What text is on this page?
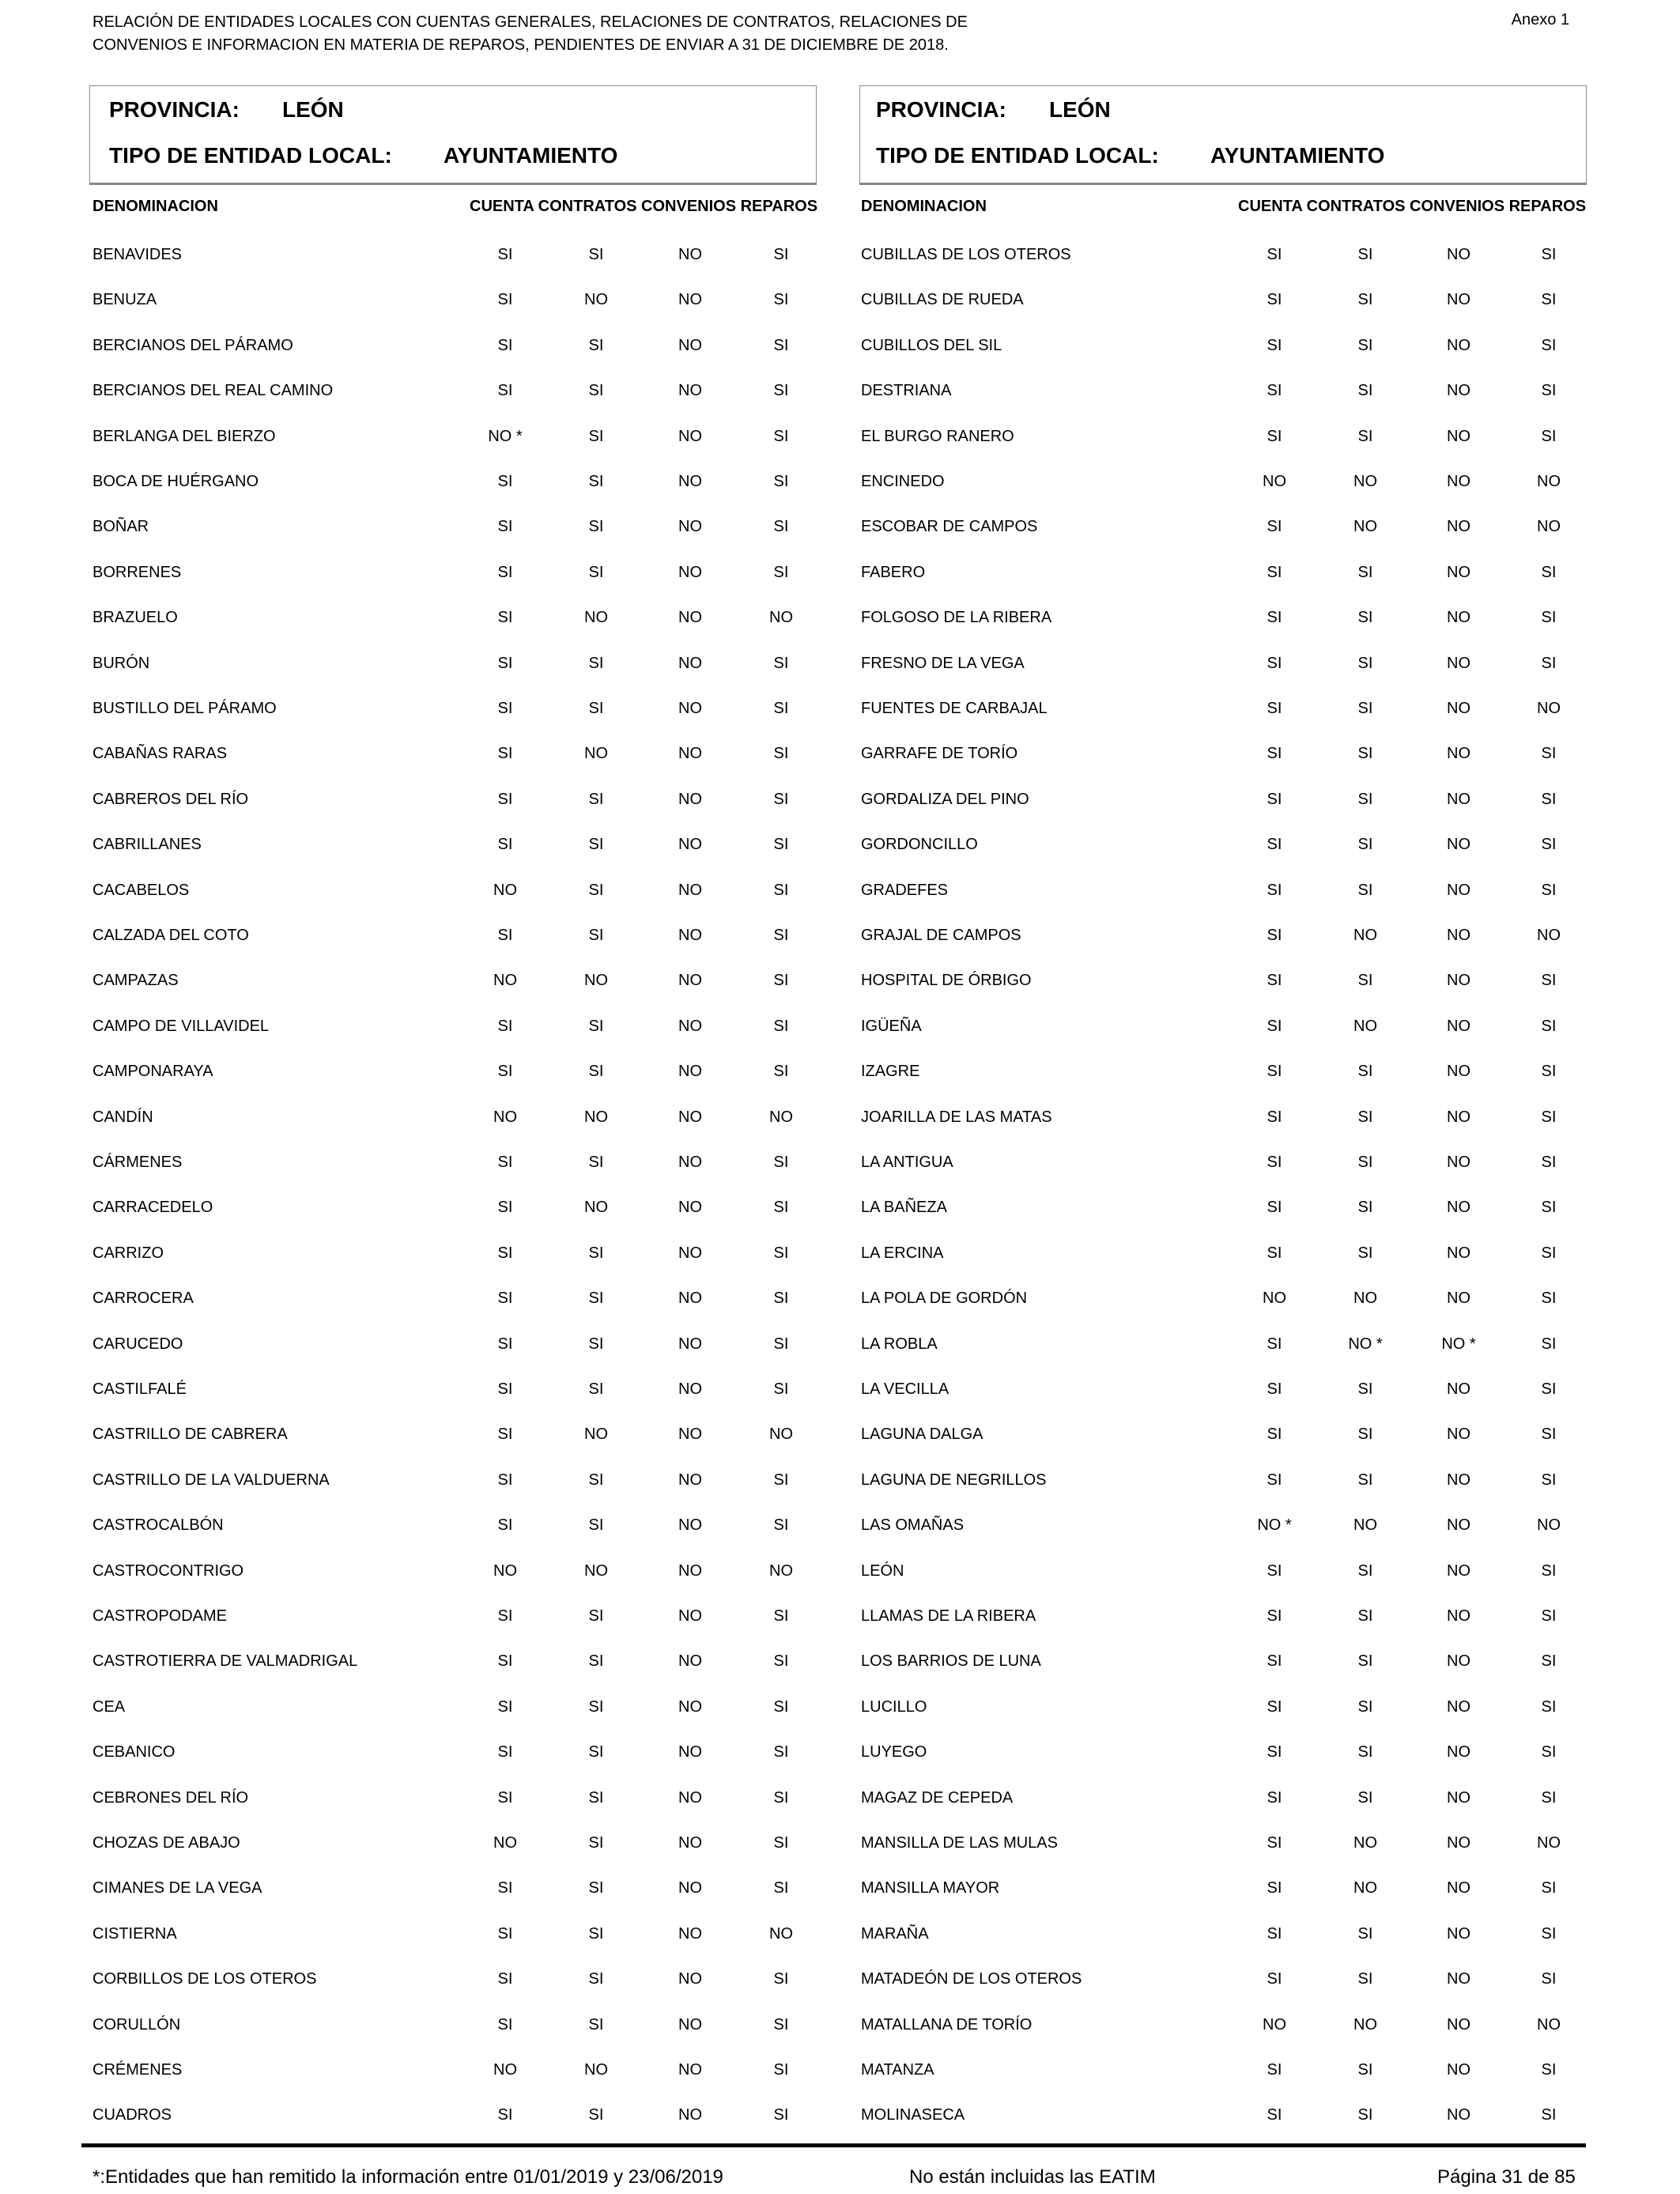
RELACIÓN DE ENTIDADES LOCALES CON CUENTAS GENERALES, RELACIONES DE CONTRATOS, RELACIONES DE
CONVENIOS E INFORMACION EN MATERIA DE REPAROS, PENDIENTES DE ENVIAR A 31 DE DICIEMBRE DE 2018.
Anexo 1
PROVINCIA: LEÓN
TIPO DE ENTIDAD LOCAL: AYUNTAMIENTO
PROVINCIA: LEÓN
TIPO DE ENTIDAD LOCAL: AYUNTAMIENTO
DENOMINACION	CUENTA CONTRATOS CONVENIOS REPAROS	DENOMINACION	CUENTA CONTRATOS CONVENIOS REPAROS
BENAVIDES	SI	SI	NO	SI
BENUZA	SI	NO	NO	SI
BERCIANOS DEL PÁRAMO	SI	SI	NO	SI
BERCIANOS DEL REAL CAMINO	SI	SI	NO	SI
BERLANGA DEL BIERZO	NO *	SI	NO	SI
BOCA DE HUÉRGANO	SI	SI	NO	SI
BOÑAR	SI	SI	NO	SI
BORRENES	SI	SI	NO	SI
BRAZUELO	SI	NO	NO	NO
BURÓN	SI	SI	NO	SI
BUSTILLO DEL PÁRAMO	SI	SI	NO	SI
CABAÑAS RARAS	SI	NO	NO	SI
CABREROS DEL RÍO	SI	SI	NO	SI
CABRILLANES	SI	SI	NO	SI
CACABELOS	NO	SI	NO	SI
CALZADA DEL COTO	SI	SI	NO	SI
CAMPAZAS	NO	NO	NO	SI
CAMPO DE VILLAVIDEL	SI	SI	NO	SI
CAMPONARAYA	SI	SI	NO	SI
CANDÍN	NO	NO	NO	NO
CÁRMENES	SI	SI	NO	SI
CARRACEDELO	SI	NO	NO	SI
CARRIZO	SI	SI	NO	SI
CARROCERA	SI	SI	NO	SI
CARUCEDO	SI	SI	NO	SI
CASTILFALÉ	SI	SI	NO	SI
CASTRILLO DE CABRERA	SI	NO	NO	NO
CASTRILLO DE LA VALDUERNA	SI	SI	NO	SI
CASTROCALBÓN	SI	SI	NO	SI
CASTROCONTRIGO	NO	NO	NO	NO
CASTROPODAME	SI	SI	NO	SI
CASTROTIERRA DE VALMADRIGAL	SI	SI	NO	SI
CEA	SI	SI	NO	SI
CEBANICO	SI	SI	NO	SI
CEBRONES DEL RÍO	SI	SI	NO	SI
CHOZAS DE ABAJO	NO	SI	NO	SI
CIMANES DE LA VEGA	SI	SI	NO	SI
CISTIERNA	SI	SI	NO	NO
CORBILLOS DE LOS OTEROS	SI	SI	NO	SI
CORULLÓN	SI	SI	NO	SI
CRÉMENES	NO	NO	NO	SI
CUADROS	SI	SI	NO	SI
CUBILLAS DE LOS OTEROS	SI	SI	NO	SI
CUBILLAS DE RUEDA	SI	SI	NO	SI
CUBILLOS DEL SIL	SI	SI	NO	SI
DESTRIANA	SI	SI	NO	SI
EL BURGO RANERO	SI	SI	NO	SI
ENCINEDO	NO	NO	NO	NO
ESCOBAR DE CAMPOS	SI	NO	NO	NO
FABERO	SI	SI	NO	SI
FOLGOSO DE LA RIBERA	SI	SI	NO	SI
FRESNO DE LA VEGA	SI	SI	NO	SI
FUENTES DE CARBAJAL	SI	SI	NO	NO
GARRAFE DE TORÍO	SI	SI	NO	SI
GORDALIZA DEL PINO	SI	SI	NO	SI
GORDONCILLO	SI	SI	NO	SI
GRADEFES	SI	SI	NO	SI
GRAJAL DE CAMPOS	SI	NO	NO	NO
HOSPITAL DE ÓRBIGO	SI	SI	NO	SI
IGÜEÑA	SI	NO	NO	SI
IZAGRE	SI	SI	NO	SI
JOARILLA DE LAS MATAS	SI	SI	NO	SI
LA ANTIGUA	SI	SI	NO	SI
LA BAÑEZA	SI	SI	NO	SI
LA ERCINA	SI	SI	NO	SI
LA POLA DE GORDÓN	NO	NO	NO	SI
LA ROBLA	SI	NO *	NO *	SI
LA VECILLA	SI	SI	NO	SI
LAGUNA DALGA	SI	SI	NO	SI
LAGUNA DE NEGRILLOS	SI	SI	NO	SI
LAS OMAÑAS	NO *	NO	NO	NO
LEÓN	SI	SI	NO	SI
LLAMAS DE LA RIBERA	SI	SI	NO	SI
LOS BARRIOS DE LUNA	SI	SI	NO	SI
LUCILLO	SI	SI	NO	SI
LUYEGO	SI	SI	NO	SI
MAGAZ DE CEPEDA	SI	SI	NO	SI
MANSILLA DE LAS MULAS	SI	NO	NO	NO
MANSILLA MAYOR	SI	NO	NO	SI
MARAÑA	SI	SI	NO	SI
MATADEÓN DE LOS OTEROS	SI	SI	NO	SI
MATALLANA DE TORÍO	NO	NO	NO	NO
MATANZA	SI	SI	NO	SI
MOLINASECA	SI	SI	NO	SI
*:Entidades que han remitido la información entre 01/01/2019 y 23/06/2019	No están incluidas las EATIM	Página 31 de 85
